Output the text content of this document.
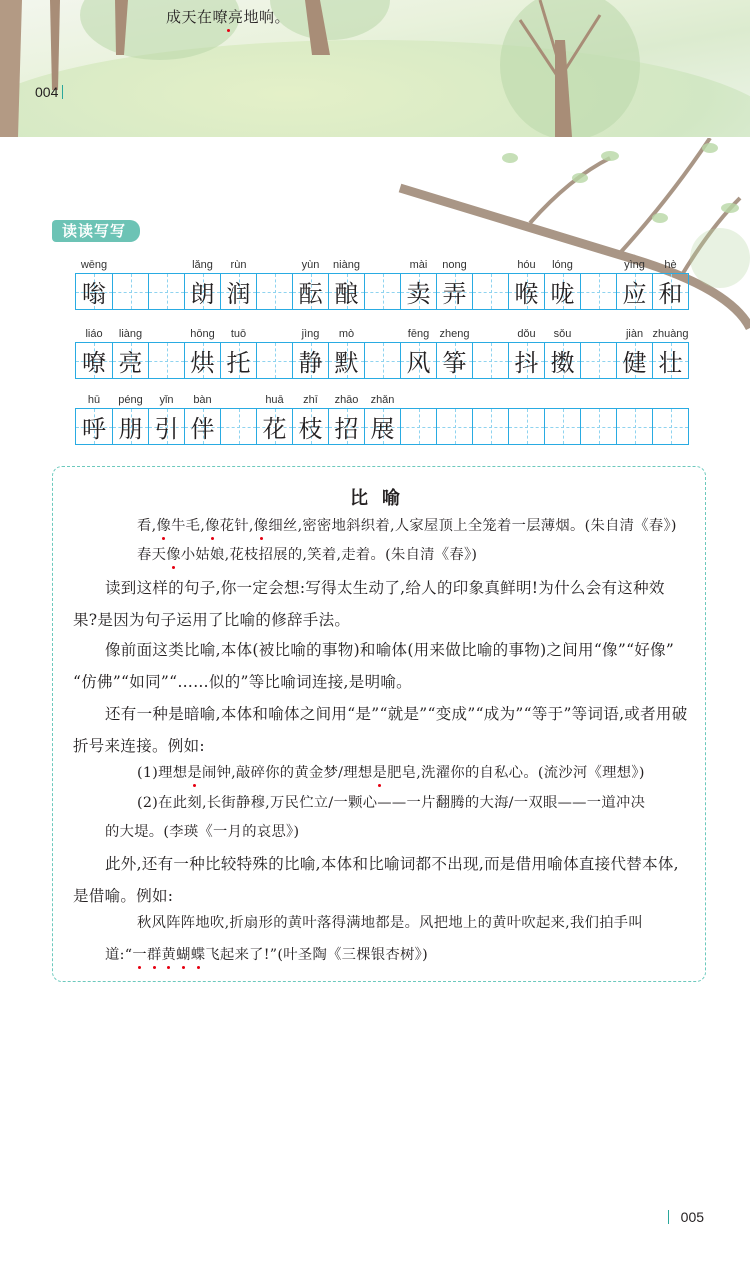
成天在嘹亮地响。
004
读读写写
wēng
嗡
lǎng
朗
rùn
润
yùn
酝
niàng
酿
mài
卖
nong
弄
hóu
喉
lóng
咙
yìng
应
hè
和
liáo
嘹
liàng
亮
hōng
烘
tuō
托
jìng
静
mò
默
fēng
风
zheng
筝
dǒu
抖
sǒu
擞
jiàn
健
zhuàng
壮
hū
呼
péng
朋
yǐn
引
bàn
伴
huā
花
zhī
枝
zhāo
招
zhǎn
展
比喻
看,像牛毛,像花针,像细丝,密密地斜织着,人家屋顶上全笼着一层薄烟。(朱自清《春》)
春天像小姑娘,花枝招展的,笑着,走着。(朱自清《春》)
读到这样的句子,你一定会想:写得太生动了,给人的印象真鲜明!为什么会有这种效
果?是因为句子运用了比喻的修辞手法。
像前面这类比喻,本体(被比喻的事物)和喻体(用来做比喻的事物)之间用“像”“好像”
“仿佛”“如同”“……似的”等比喻词连接,是明喻。
还有一种是暗喻,本体和喻体之间用“是”“就是”“变成”“成为”“等于”等词语,或者用破
折号来连接。例如:
(1)理想是闹钟,敲碎你的黄金梦/理想是肥皂,洗濯你的自私心。(流沙河《理想》)
(2)在此刻,长街静穆,万民伫立/一颗心——一片翻腾的大海/一双眼——一道冲决
的大堤。(李瑛《一月的哀思》)
此外,还有一种比较特殊的比喻,本体和比喻词都不出现,而是借用喻体直接代替本体,
是借喻。例如:
秋风阵阵地吹,折扇形的黄叶落得满地都是。风把地上的黄叶吹起来,我们拍手叫
道:“一群黄蝴蝶飞起来了!”(叶圣陶《三棵银杏树》)
005
